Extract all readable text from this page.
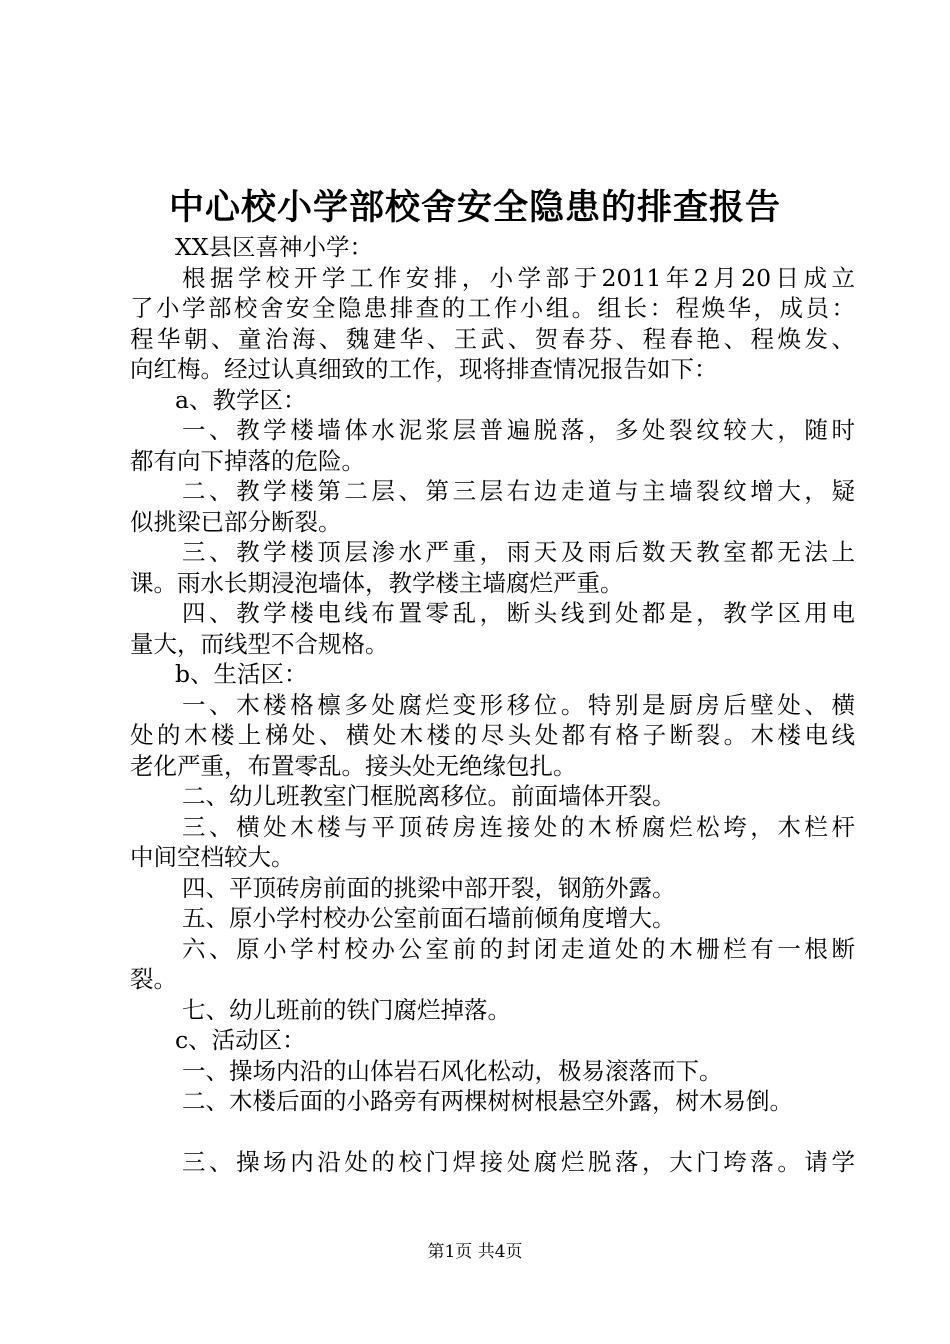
中心校小学部校舍安全隐患的排查报告
XX县区喜神小学：
根据学校开学工作安排，小学部于2011年2月20日成立
了小学部校舍安全隐患排查的工作小组。组长：程焕华，成员：
程华朝、童治海、魏建华、王武、贺春芬、程春艳、程焕发、
向红梅。经过认真细致的工作，现将排查情况报告如下：
a、教学区：
一、教学楼墙体水泥浆层普遍脱落，多处裂纹较大，随时
都有向下掉落的危险。
二、教学楼第二层、第三层右边走道与主墙裂纹增大，疑
似挑梁已部分断裂。
三、教学楼顶层渗水严重，雨天及雨后数天教室都无法上
课。雨水长期浸泡墙体，教学楼主墙腐烂严重。
四、教学楼电线布置零乱，断头线到处都是，教学区用电
量大，而线型不合规格。
b、生活区：
一、木楼格檩多处腐烂变形移位。特别是厨房后壁处、横
处的木楼上梯处、横处木楼的尽头处都有格子断裂。木楼电线
老化严重，布置零乱。接头处无绝缘包扎。
二、幼儿班教室门框脱离移位。前面墙体开裂。
三、横处木楼与平顶砖房连接处的木桥腐烂松垮，木栏杆
中间空档较大。
四、平顶砖房前面的挑梁中部开裂，钢筋外露。
五、原小学村校办公室前面石墙前倾角度增大。
六、原小学村校办公室前的封闭走道处的木栅栏有一根断
裂。
七、幼儿班前的铁门腐烂掉落。
c、活动区：
一、操场内沿的山体岩石风化松动，极易滚落而下。
二、木楼后面的小路旁有两棵树树根悬空外露，树木易倒。
三、操场内沿处的校门焊接处腐烂脱落，大门垮落。请学
第1页 共4页
